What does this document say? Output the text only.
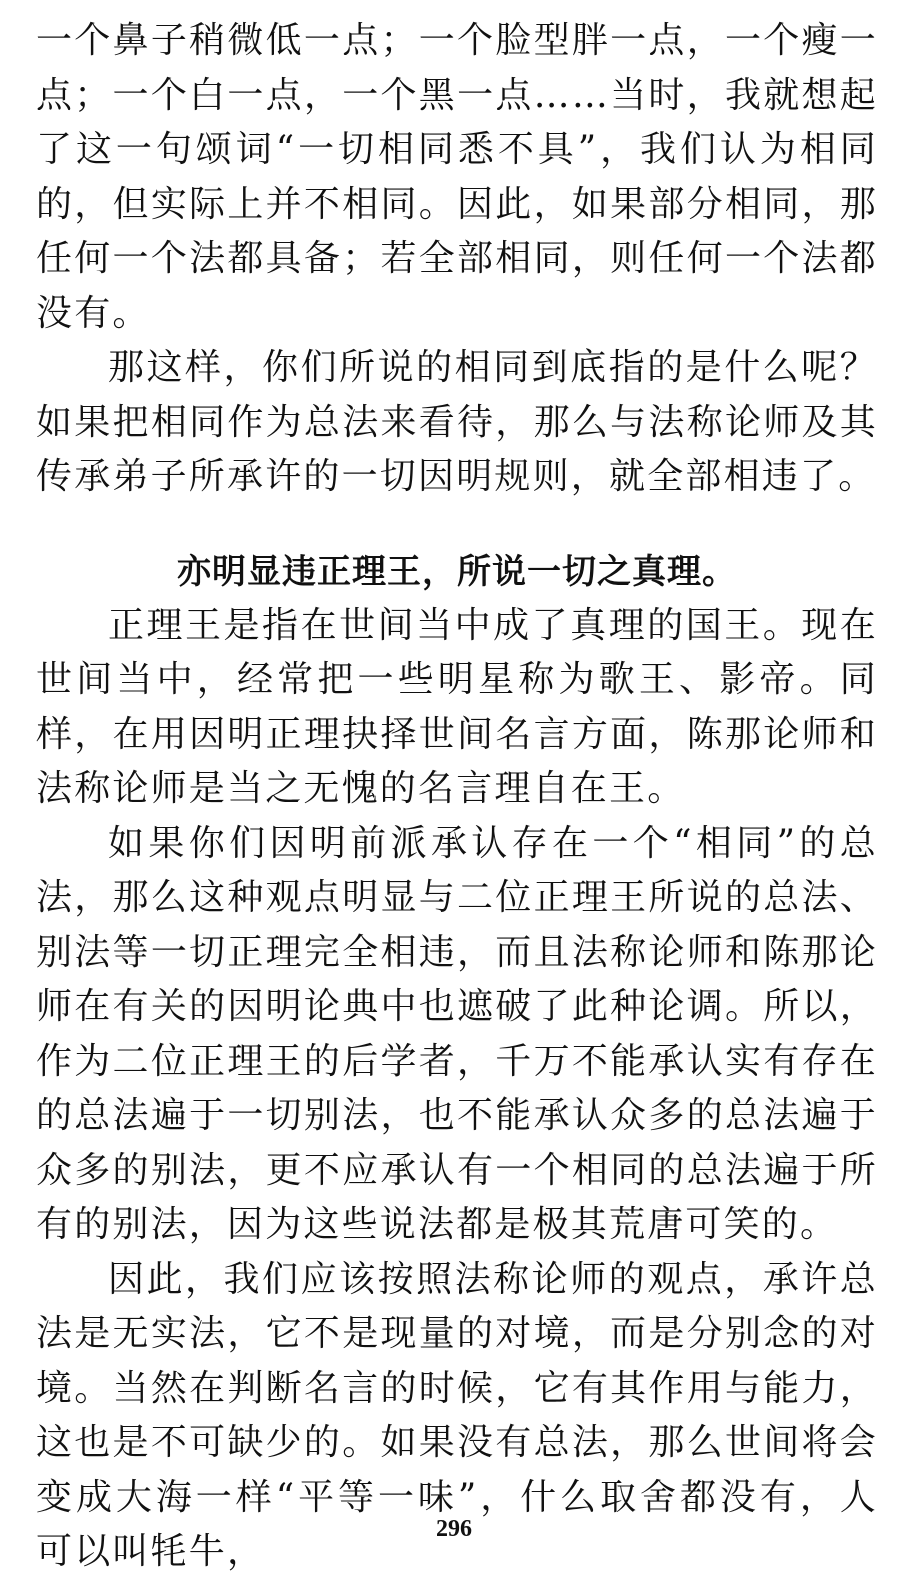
一个鼻子稍微低一点；一个脸型胖一点，一个瘦一点；一个白一点，一个黑一点……当时，我就想起了这一句颂词“一切相同悉不具”，我们认为相同的，但实际上并不相同。因此，如果部分相同，那任何一个法都具备；若全部相同，则任何一个法都没有。

那这样，你们所说的相同到底指的是什么呢？如果把相同作为总法来看待，那么与法称论师及其传承弟子所承许的一切因明规则，就全部相违了。

亦明显违正理王，所说一切之真理。

正理王是指在世间当中成了真理的国王。现在世间当中，经常把一些明星称为歌王、影帝。同样，在用因明正理抉择世间名言方面，陈那论师和法称论师是当之无愧的名言理自在王。

如果你们因明前派承认存在一个“相同”的总法，那么这种观点明显与二位正理王所说的总法、别法等一切正理完全相违，而且法称论师和陈那论师在有关的因明论典中也遮破了此种论调。所以，作为二位正理王的后学者，千万不能承认实有存在的总法遍于一切别法，也不能承认众多的总法遍于众多的别法，更不应承认有一个相同的总法遍于所有的别法，因为这些说法都是极其荒唐可笑的。

因此，我们应该按照法称论师的观点，承许总法是无实法，它不是现量的对境，而是分别念的对境。当然在判断名言的时候，它有其作用与能力，这也是不可缺少的。如果没有总法，那么世间将会变成大海一样“平等一味”，什么取舍都没有，人可以叫牦牛，

296
